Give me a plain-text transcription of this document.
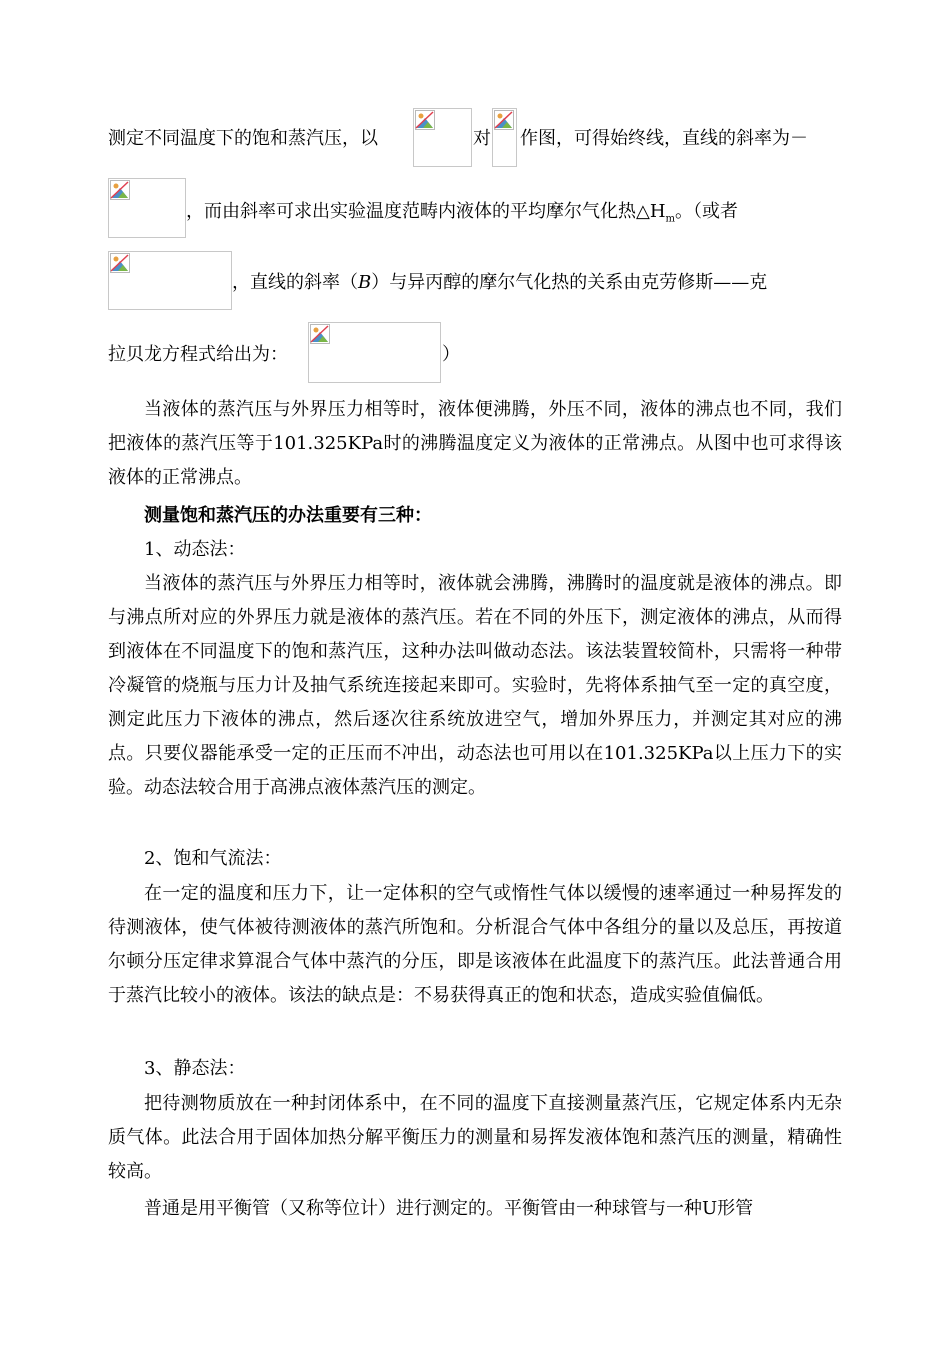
测定不同温度下的饱和蒸汽压，以	对 作图，可得始终线，直线的斜率为－
，而由斜率可求出实验温度范畴内液体的平均摩尔气化热$\triangle H_m$。（或者
，直线的斜率（B）与异丙醇的摩尔气化热的关系由克劳修斯——克
拉贝龙方程式给出为：	）

当液体的蒸汽压与外界压力相等时，液体便沸腾，外压不同，液体的沸点也不同，我们把液体的蒸汽压等于101.325KPa时的沸腾温度定义为液体的正常沸点。从图中也可求得该液体的正常沸点。

测量饱和蒸汽压的办法重要有三种：
1、动态法：

当液体的蒸汽压与外界压力相等时，液体就会沸腾，沸腾时的温度就是液体的沸点。即与沸点所对应的外界压力就是液体的蒸汽压。若在不同的外压下，测定液体的沸点，从而得到液体在不同温度下的饱和蒸汽压，这种办法叫做动态法。该法装置较简朴，只需将一种带冷凝管的烧瓶与压力计及抽气系统连接起来即可。实验时，先将体系抽气至一定的真空度，测定此压力下液体的沸点，然后逐次往系统放进空气，增加外界压力，并测定其对应的沸点。只要仪器能承受一定的正压而不冲出，动态法也可用以在101.325KPa以上压力下的实验。动态法较合用于高沸点液体蒸汽压的测定。

2、饱和气流法：

在一定的温度和压力下，让一定体积的空气或惰性气体以缓慢的速率通过一种易挥发的待测液体，使气体被待测液体的蒸汽所饱和。分析混合气体中各组分的量以及总压，再按道尔顿分压定律求算混合气体中蒸汽的分压，即是该液体在此温度下的蒸汽压。此法普通合用于蒸汽比较小的液体。该法的缺点是：不易获得真正的饱和状态，造成实验值偏低。

3、静态法：

把待测物质放在一种封闭体系中，在不同的温度下直接测量蒸汽压，它规定体系内无杂质气体。此法合用于固体加热分解平衡压力的测量和易挥发液体饱和蒸汽压的测量，精确性较高。

普通是用平衡管（又称等位计）进行测定的。平衡管由一种球管与一种U形管
